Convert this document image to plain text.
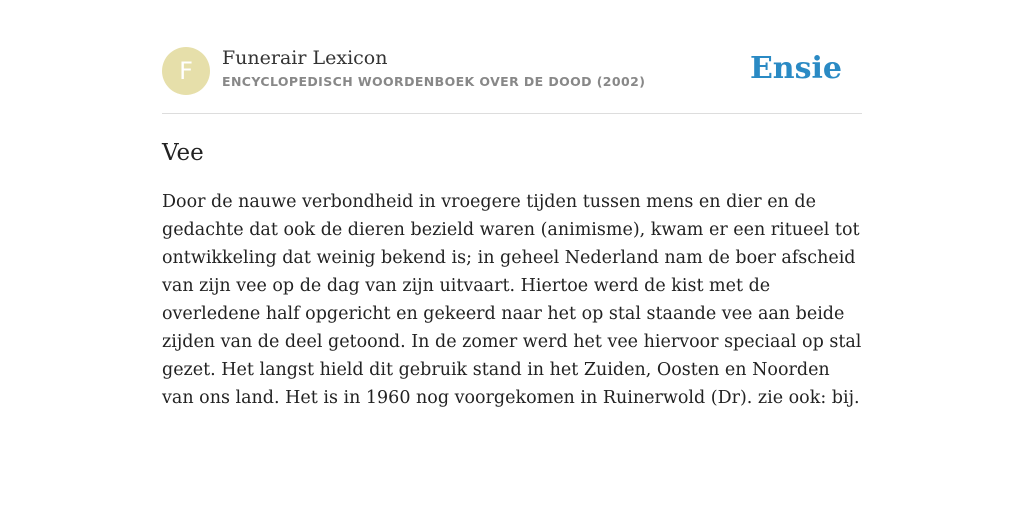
F	Funerair Lexicon
ENCYCLOPEDISCH WOORDENBOEK OVER DE DOOD (2002)	Ensie
Vee

Door de nauwe verbondheid in vroegere tijden tussen mens en dier en de gedachte dat ook de dieren bezield waren (animisme), kwam er een ritueel tot ontwikkeling dat weinig bekend is; in geheel Nederland nam de boer afscheid van zijn vee op de dag van zijn uitvaart. Hiertoe werd de kist met de overledene half opgericht en gekeerd naar het op stal staande vee aan beide zijden van de deel getoond. In de zomer werd het vee hiervoor speciaal op stal gezet. Het langst hield dit gebruik stand in het Zuiden, Oosten en Noorden van ons land. Het is in 1960 nog voorgekomen in Ruinerwold (Dr). zie ook: bij.
